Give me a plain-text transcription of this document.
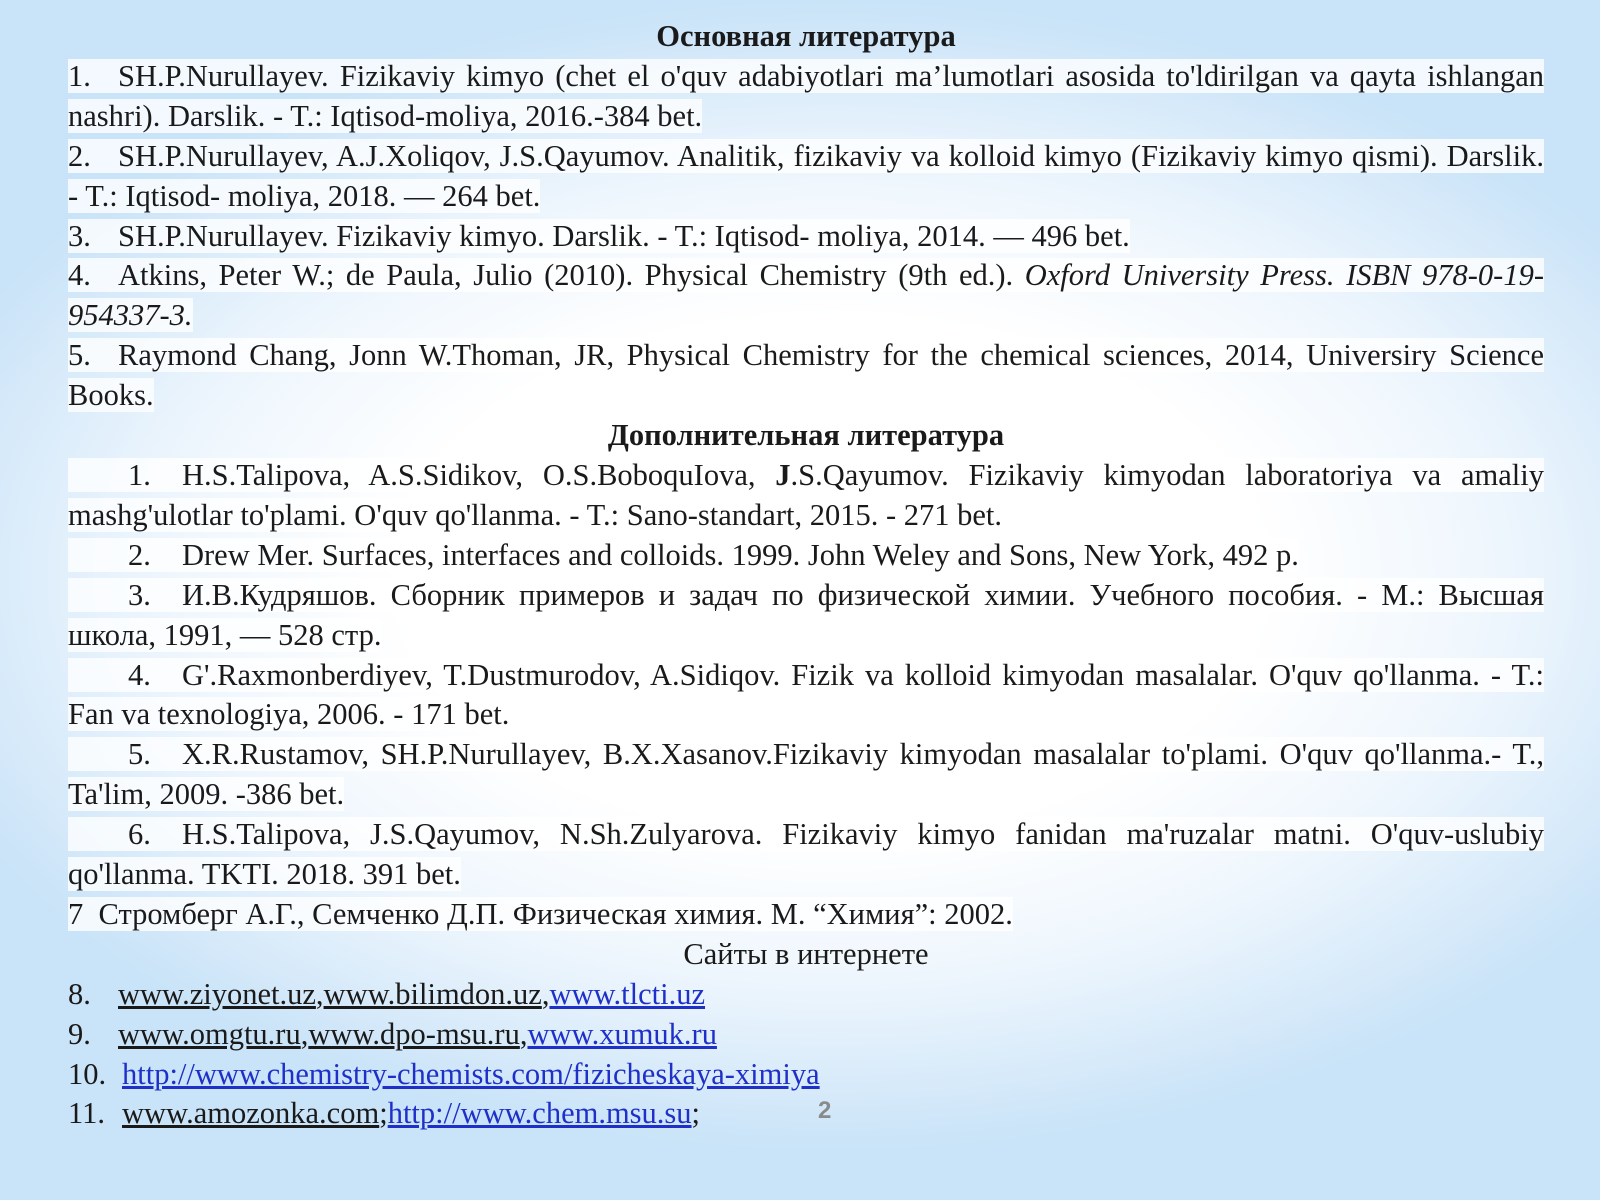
Основная литература
1. SH.P.Nurullayev. Fizikaviy kimyo (chet el o'quv adabiyotlari ma’lumotlari asosida to'ldirilgan va qayta ishlangan nashri). Darslik. - T.: Iqtisod-moliya, 2016.-384 bet.
2. SH.P.Nurullayev, A.J.Xoliqov, J.S.Qayumov. Analitik, fizikaviy va kolloid kimyo (Fizikaviy kimyo qismi). Darslik. - T.: Iqtisod- moliya, 2018. — 264 bet.
3. SH.P.Nurullayev. Fizikaviy kimyo. Darslik. - T.: Iqtisod- moliya, 2014. — 496 bet.
4. Atkins, Peter W.; de Paula, Julio (2010). Physical Chemistry (9th ed.). Oxford University Press. ISBN 978-0-19-954337-3.
5. Raymond Chang, Jonn W.Thoman, JR, Physical Chemistry for the chemical sciences, 2014, Universiry Science Books.
Дополнительная литература
1. H.S.Talipova, A.S.Sidikov, O.S.BoboquIova, J.S.Qayumov. Fizikaviy kimyodan laboratoriya va amaliy mashg'ulotlar to'plami. O'quv qo'llanma. - T.: Sano-standart, 2015. - 271 bet.
2. Drew Mer. Surfaces, interfaces and colloids. 1999. John Weley and Sons, New York, 492 p.
3. И.В.Кудряшов. Сборник примеров и задач по физической химии. Учебного пособия. - М.: Высшая школа, 1991, — 528 стр.
4. G'.Raxmonberdiyev, T.Dustmurodov, A.Sidiqov. Fizik va kolloid kimyodan masalalar. O'quv qo'llanma. - T.: Fan va texnologiya, 2006. - 171 bet.
5. X.R.Rustamov, SH.P.Nurullayev, B.X.Xasanov.Fizikaviy kimyodan masalalar to'plami. O'quv qo'llanma.- T., Ta'lim, 2009. -386 bet.
6. H.S.Talipova, J.S.Qayumov, N.Sh.Zulyarova. Fizikaviy kimyo fanidan ma'ruzalar matni. O'quv-uslubiy qo'llanma. TKTI. 2018. 391 bet.
7 Стромберг А.Г., Семченко Д.П. Физическая химия. М. “Химия”: 2002.
Сайты в интернете
8. www.ziyonet.uz,www.bilimdon.uz,www.tlcti.uz
9. www.omgtu.ru,www.dpo-msu.ru,www.xumuk.ru
10. http://www.chemistry-chemists.com/fizicheskaya-ximiya
11. www.amozonka.com;http://www.chem.msu.su;	2
